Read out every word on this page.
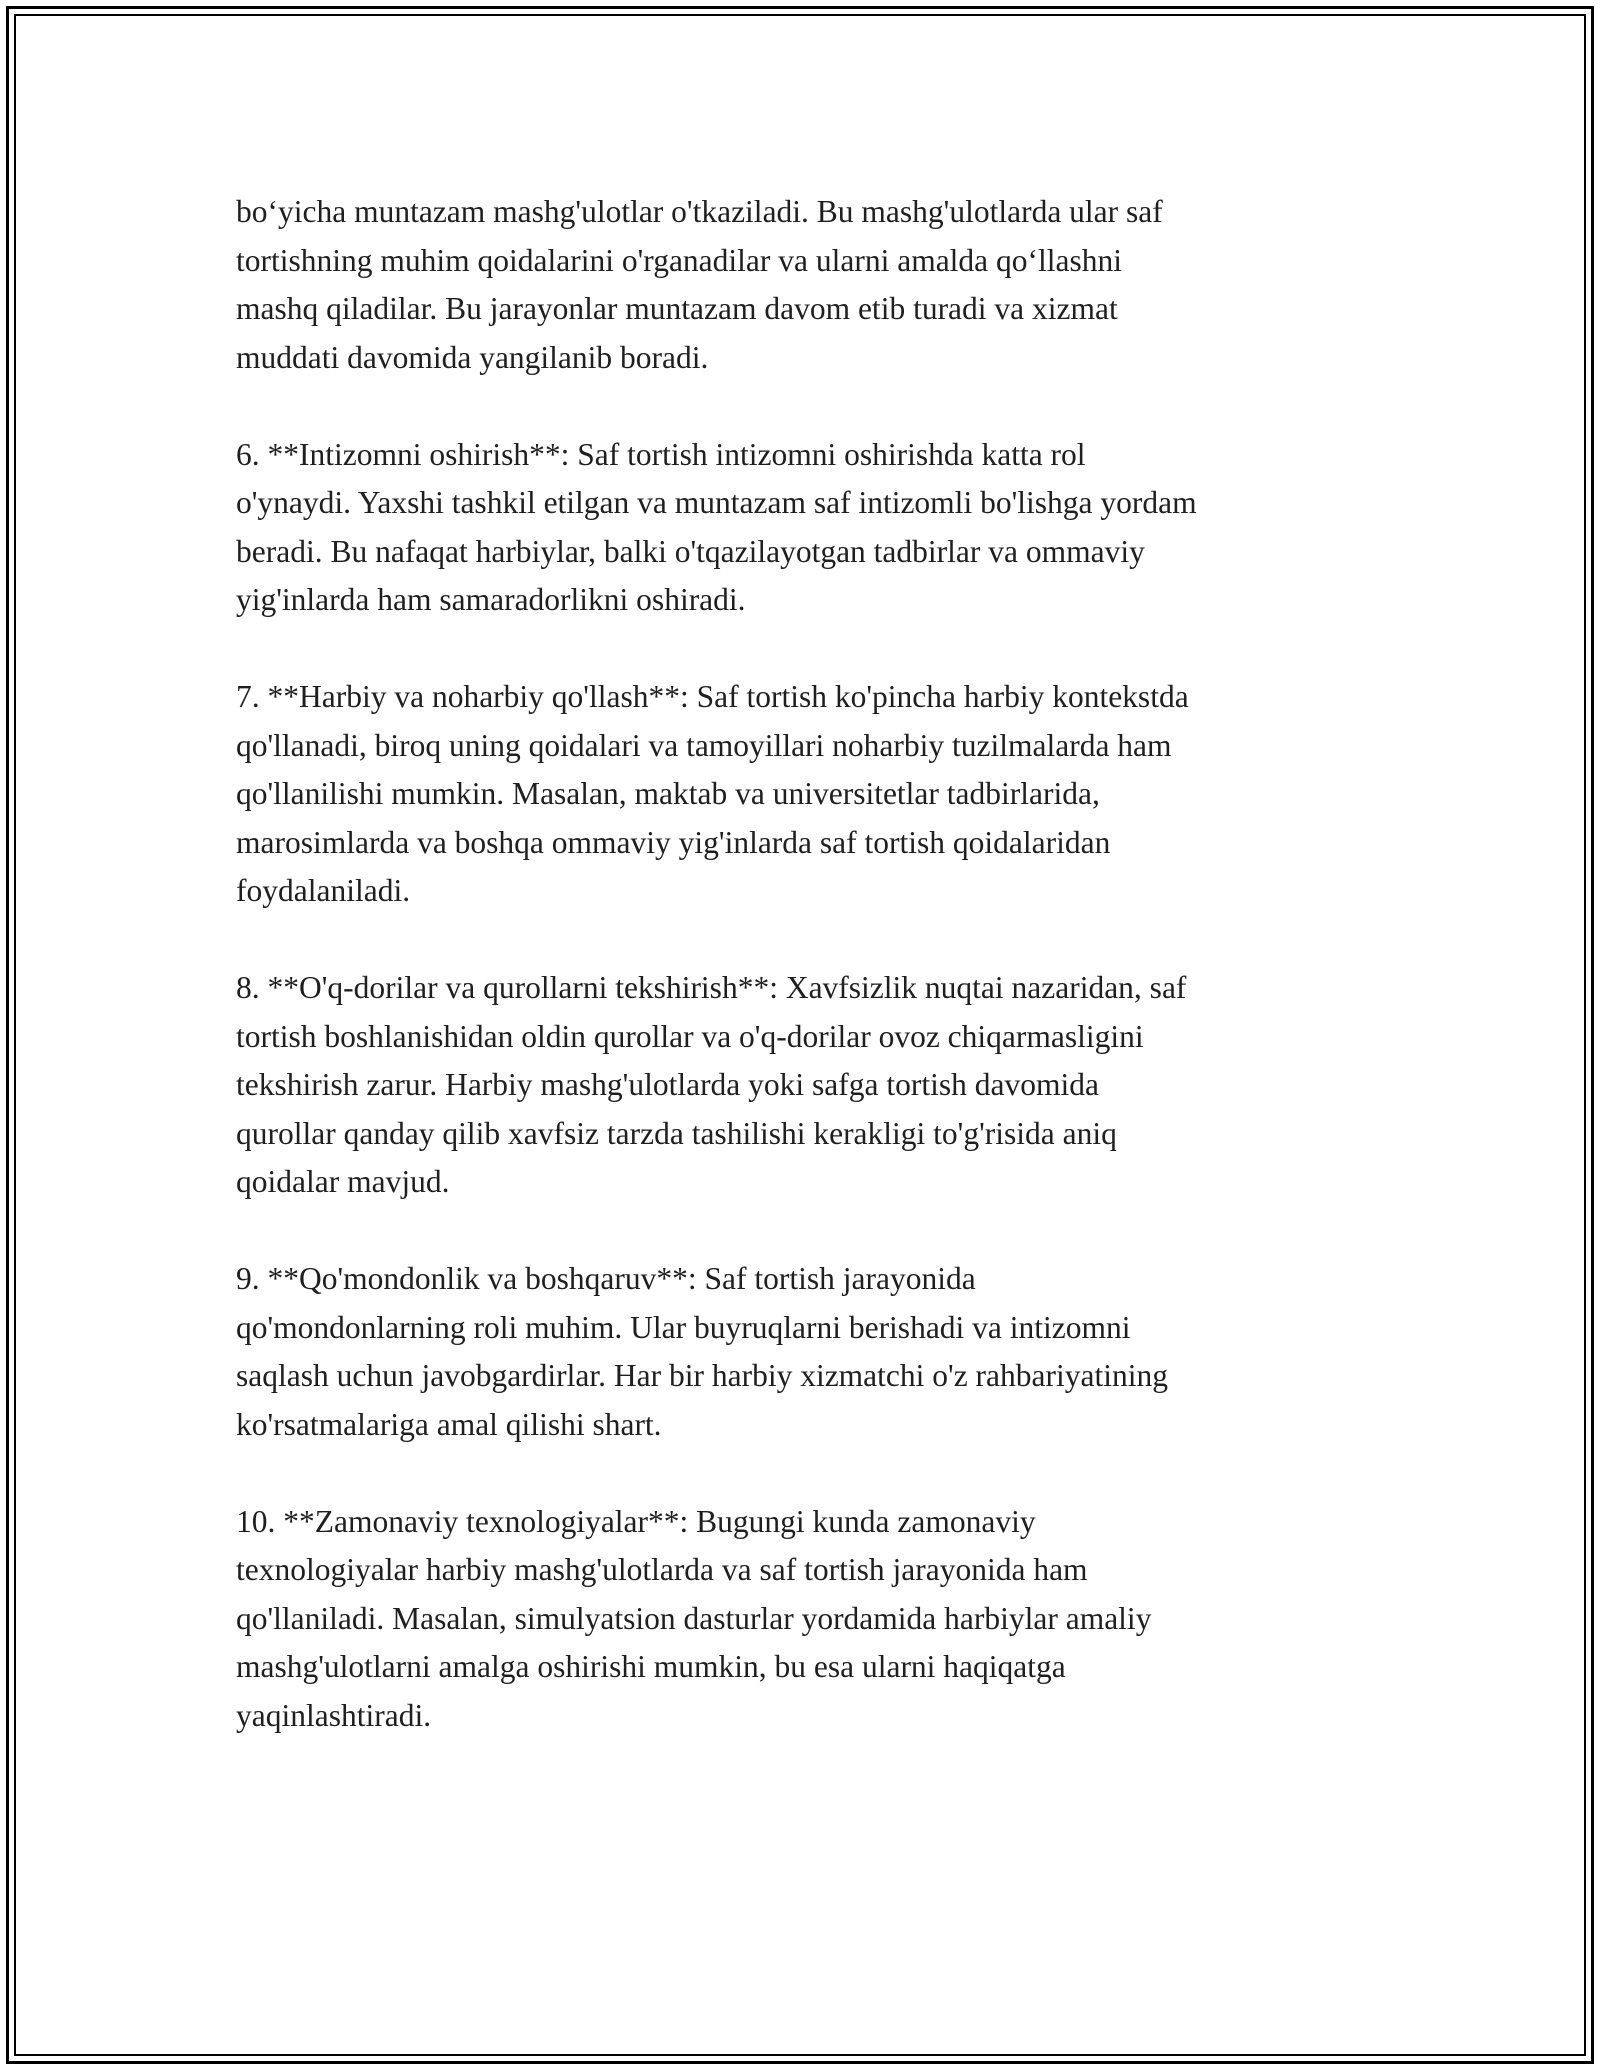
bo‘yicha muntazam mashg'ulotlar o'tkaziladi. Bu mashg'ulotlarda ular saf
tortishning muhim qoidalarini o'rganadilar va ularni amalda qo‘llashni
mashq qiladilar. Bu jarayonlar muntazam davom etib turadi va xizmat
muddati davomida yangilanib boradi.

6. **Intizomni oshirish**: Saf tortish intizomni oshirishda katta rol
o'ynaydi. Yaxshi tashkil etilgan va muntazam saf intizomli bo'lishga yordam
beradi. Bu nafaqat harbiylar, balki o'tqazilayotgan tadbirlar va ommaviy
yig'inlarda ham samaradorlikni oshiradi.

7. **Harbiy va noharbiy qo'llash**: Saf tortish ko'pincha harbiy kontekstda
qo'llanadi, biroq uning qoidalari va tamoyillari noharbiy tuzilmalarda ham
qo'llanilishi mumkin. Masalan, maktab va universitetlar tadbirlarida,
marosimlarda va boshqa ommaviy yig'inlarda saf tortish qoidalaridan
foydalaniladi.

8. **O'q-dorilar va qurollarni tekshirish**: Xavfsizlik nuqtai nazaridan, saf
tortish boshlanishidan oldin qurollar va o'q-dorilar ovoz chiqarmasligini
tekshirish zarur. Harbiy mashg'ulotlarda yoki safga tortish davomida
qurollar qanday qilib xavfsiz tarzda tashilishi kerakligi to'g'risida aniq
qoidalar mavjud.

9. **Qo'mondonlik va boshqaruv**: Saf tortish jarayonida
qo'mondonlarning roli muhim. Ular buyruqlarni berishadi va intizomni
saqlash uchun javobgardirlar. Har bir harbiy xizmatchi o'z rahbariyatining
ko'rsatmalariga amal qilishi shart.

10. **Zamonaviy texnologiyalar**: Bugungi kunda zamonaviy
texnologiyalar harbiy mashg'ulotlarda va saf tortish jarayonida ham
qo'llaniladi. Masalan, simulyatsion dasturlar yordamida harbiylar amaliy
mashg'ulotlarni amalga oshirishi mumkin, bu esa ularni haqiqatga
yaqinlashtiradi.
